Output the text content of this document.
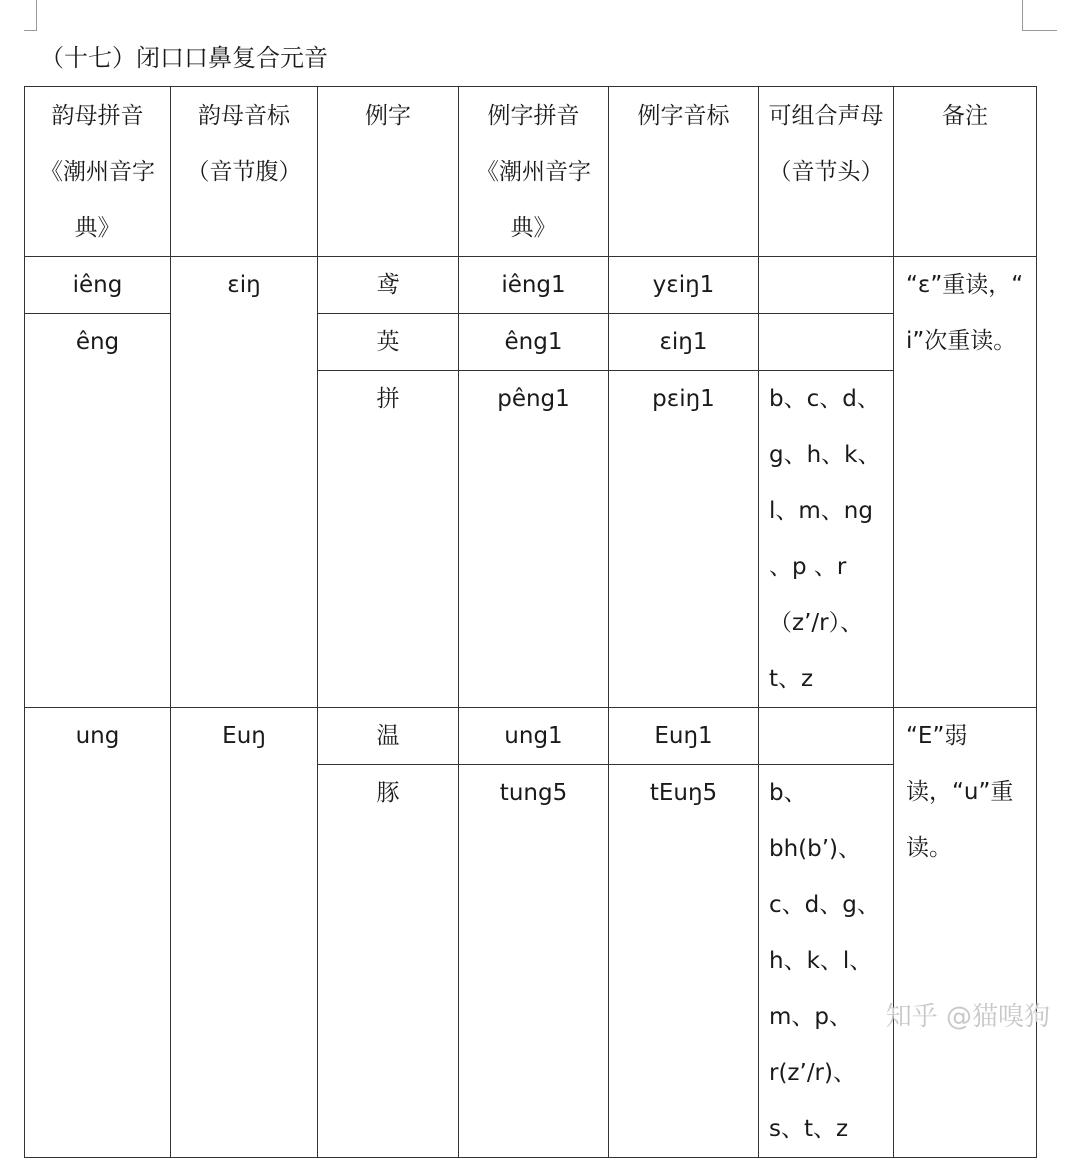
（十七）闭口口鼻复合元音
韵母拼音《潮州音字典》	韵母音标（音节腹）	例字	例字拼音《潮州音字典》	例字音标	可组合声母（音节头）	备注
iêng	ɛiŋ	鸢	iêng1	yɛiŋ1		“ɛ”重读，“ i”次重读。
êng		英	êng1	ɛiŋ1		
		拼	pêng1	pɛiŋ1	b、c、d、g、h、k、l、m、ng 、p 、r（z’/r）、t、z	
ung	Euŋ	温	ung1	Euŋ1		“E”弱读，“u”重读。
		豚	tung5	tEuŋ5	b、bh(b’)、c、d、g、h、k、l、m、p、r(z’/r)、s、t、z	
知乎 @猫嗅狗
